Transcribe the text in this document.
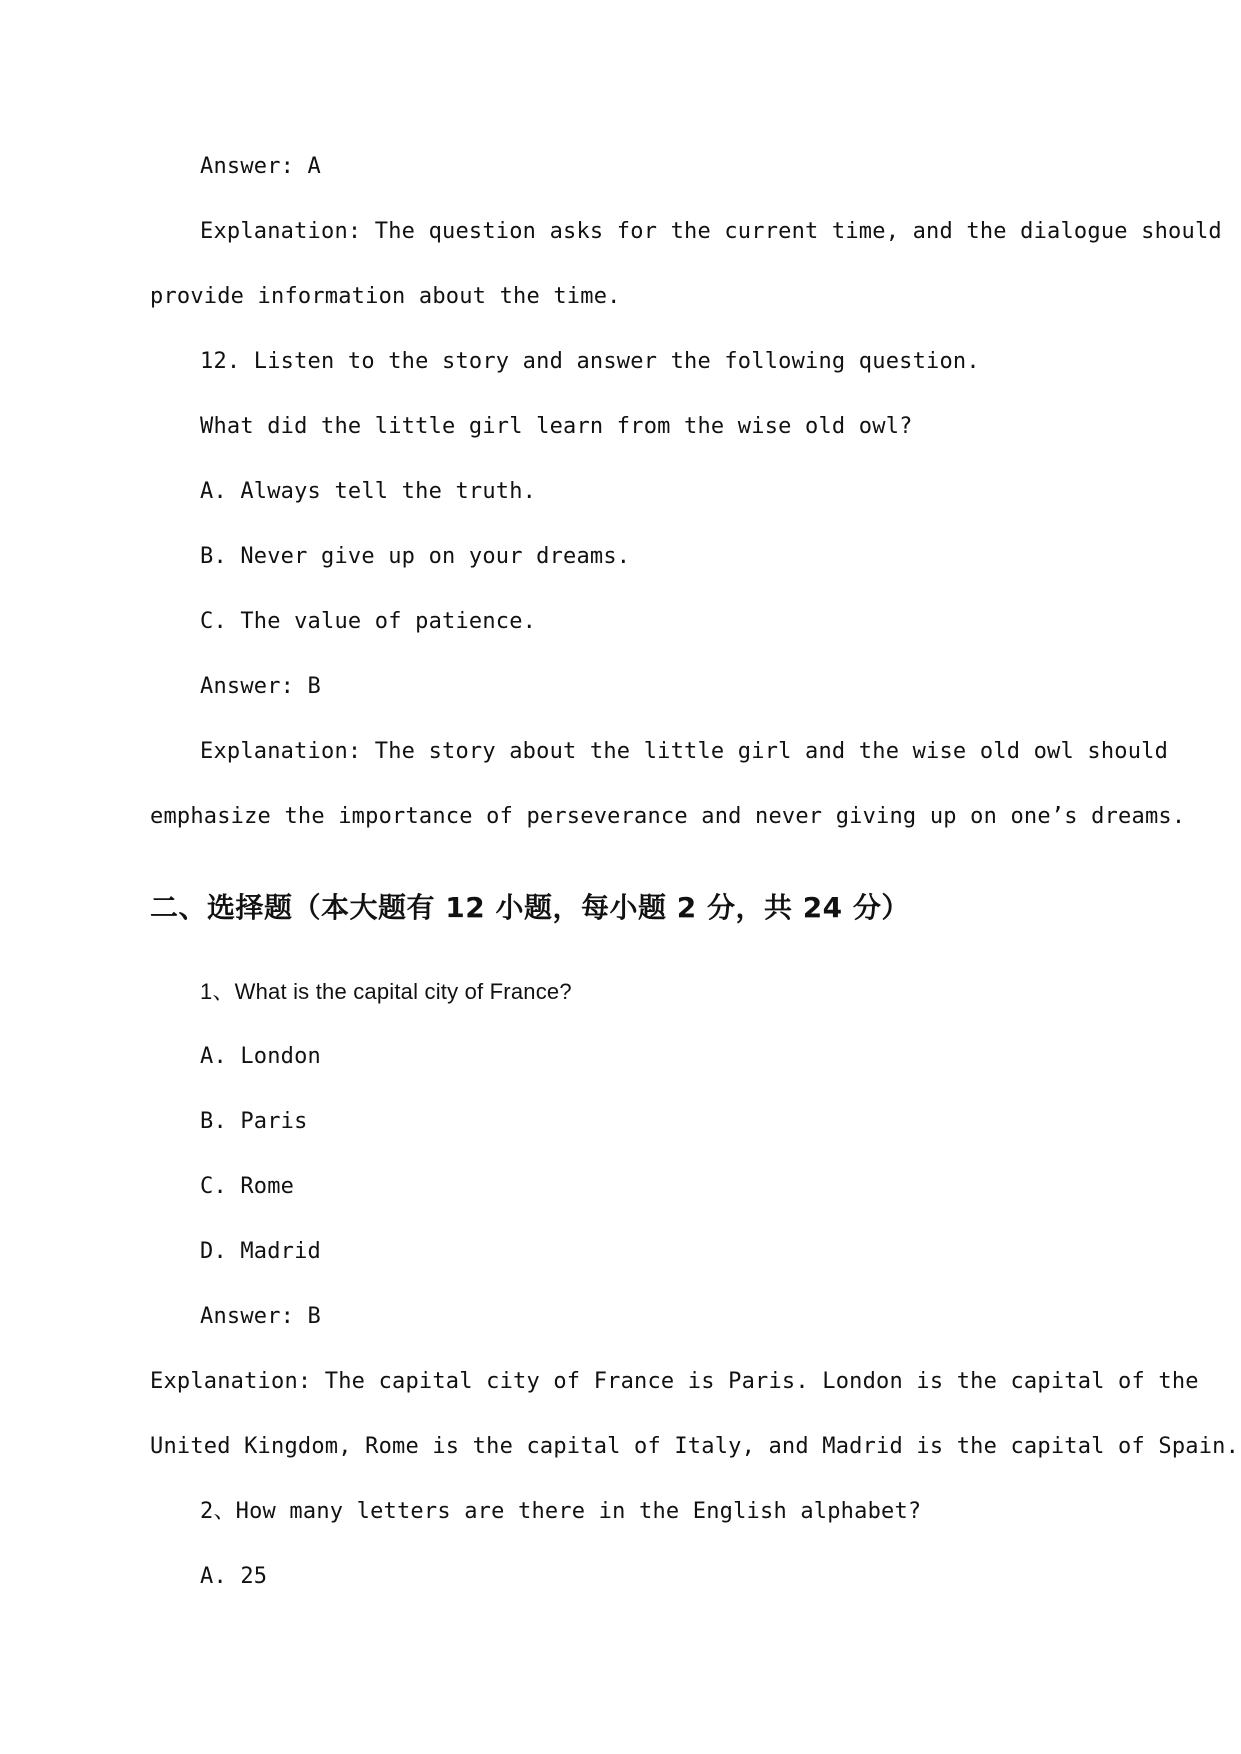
Answer: A
Explanation: The question asks for the current time, and the dialogue should
provide information about the time.
12. Listen to the story and answer the following question.
What did the little girl learn from the wise old owl?
A. Always tell the truth.
B. Never give up on your dreams.
C. The value of patience.
Answer: B
Explanation: The story about the little girl and the wise old owl should
emphasize the importance of perseverance and never giving up on one’s dreams.
二、选择题（本大题有 12 小题，每小题 2 分，共 24 分）
1、What is the capital city of France?
A. London
B. Paris
C. Rome
D. Madrid
Answer: B
Explanation: The capital city of France is Paris. London is the capital of the
United Kingdom, Rome is the capital of Italy, and Madrid is the capital of Spain.
2、How many letters are there in the English alphabet?
A. 25
